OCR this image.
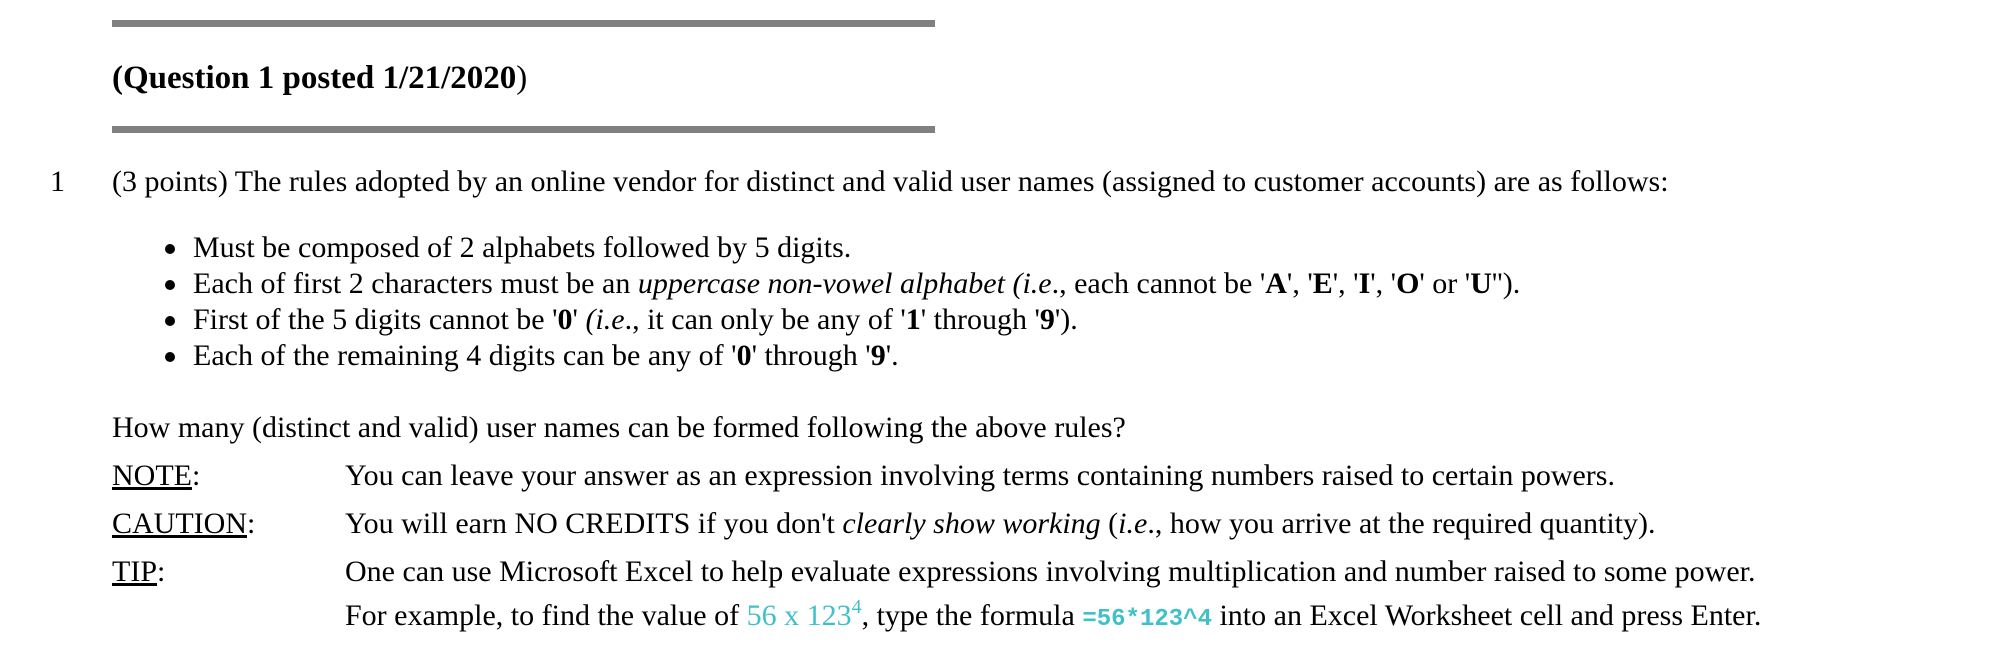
(Question 1 posted 1/21/2020)
1 (3 points) The rules adopted by an online vendor for distinct and valid user names (assigned to customer accounts) are as follows:
Must be composed of 2 alphabets followed by 5 digits.
Each of first 2 characters must be an uppercase non-vowel alphabet (i.e., each cannot be 'A', 'E', 'I', 'O' or 'U'').
First of the 5 digits cannot be '0' (i.e., it can only be any of '1' through '9').
Each of the remaining 4 digits can be any of '0' through '9'.
How many (distinct and valid) user names can be formed following the above rules?
NOTE:	You can leave your answer as an expression involving terms containing numbers raised to certain powers.
CAUTION:	You will earn NO CREDITS if you don't clearly show working (i.e., how you arrive at the required quantity).
TIP:	One can use Microsoft Excel to help evaluate expressions involving multiplication and number raised to some power.
For example, to find the value of 56 x $123^4$, type the formula =56*123^4 into an Excel Worksheet cell and press Enter.
